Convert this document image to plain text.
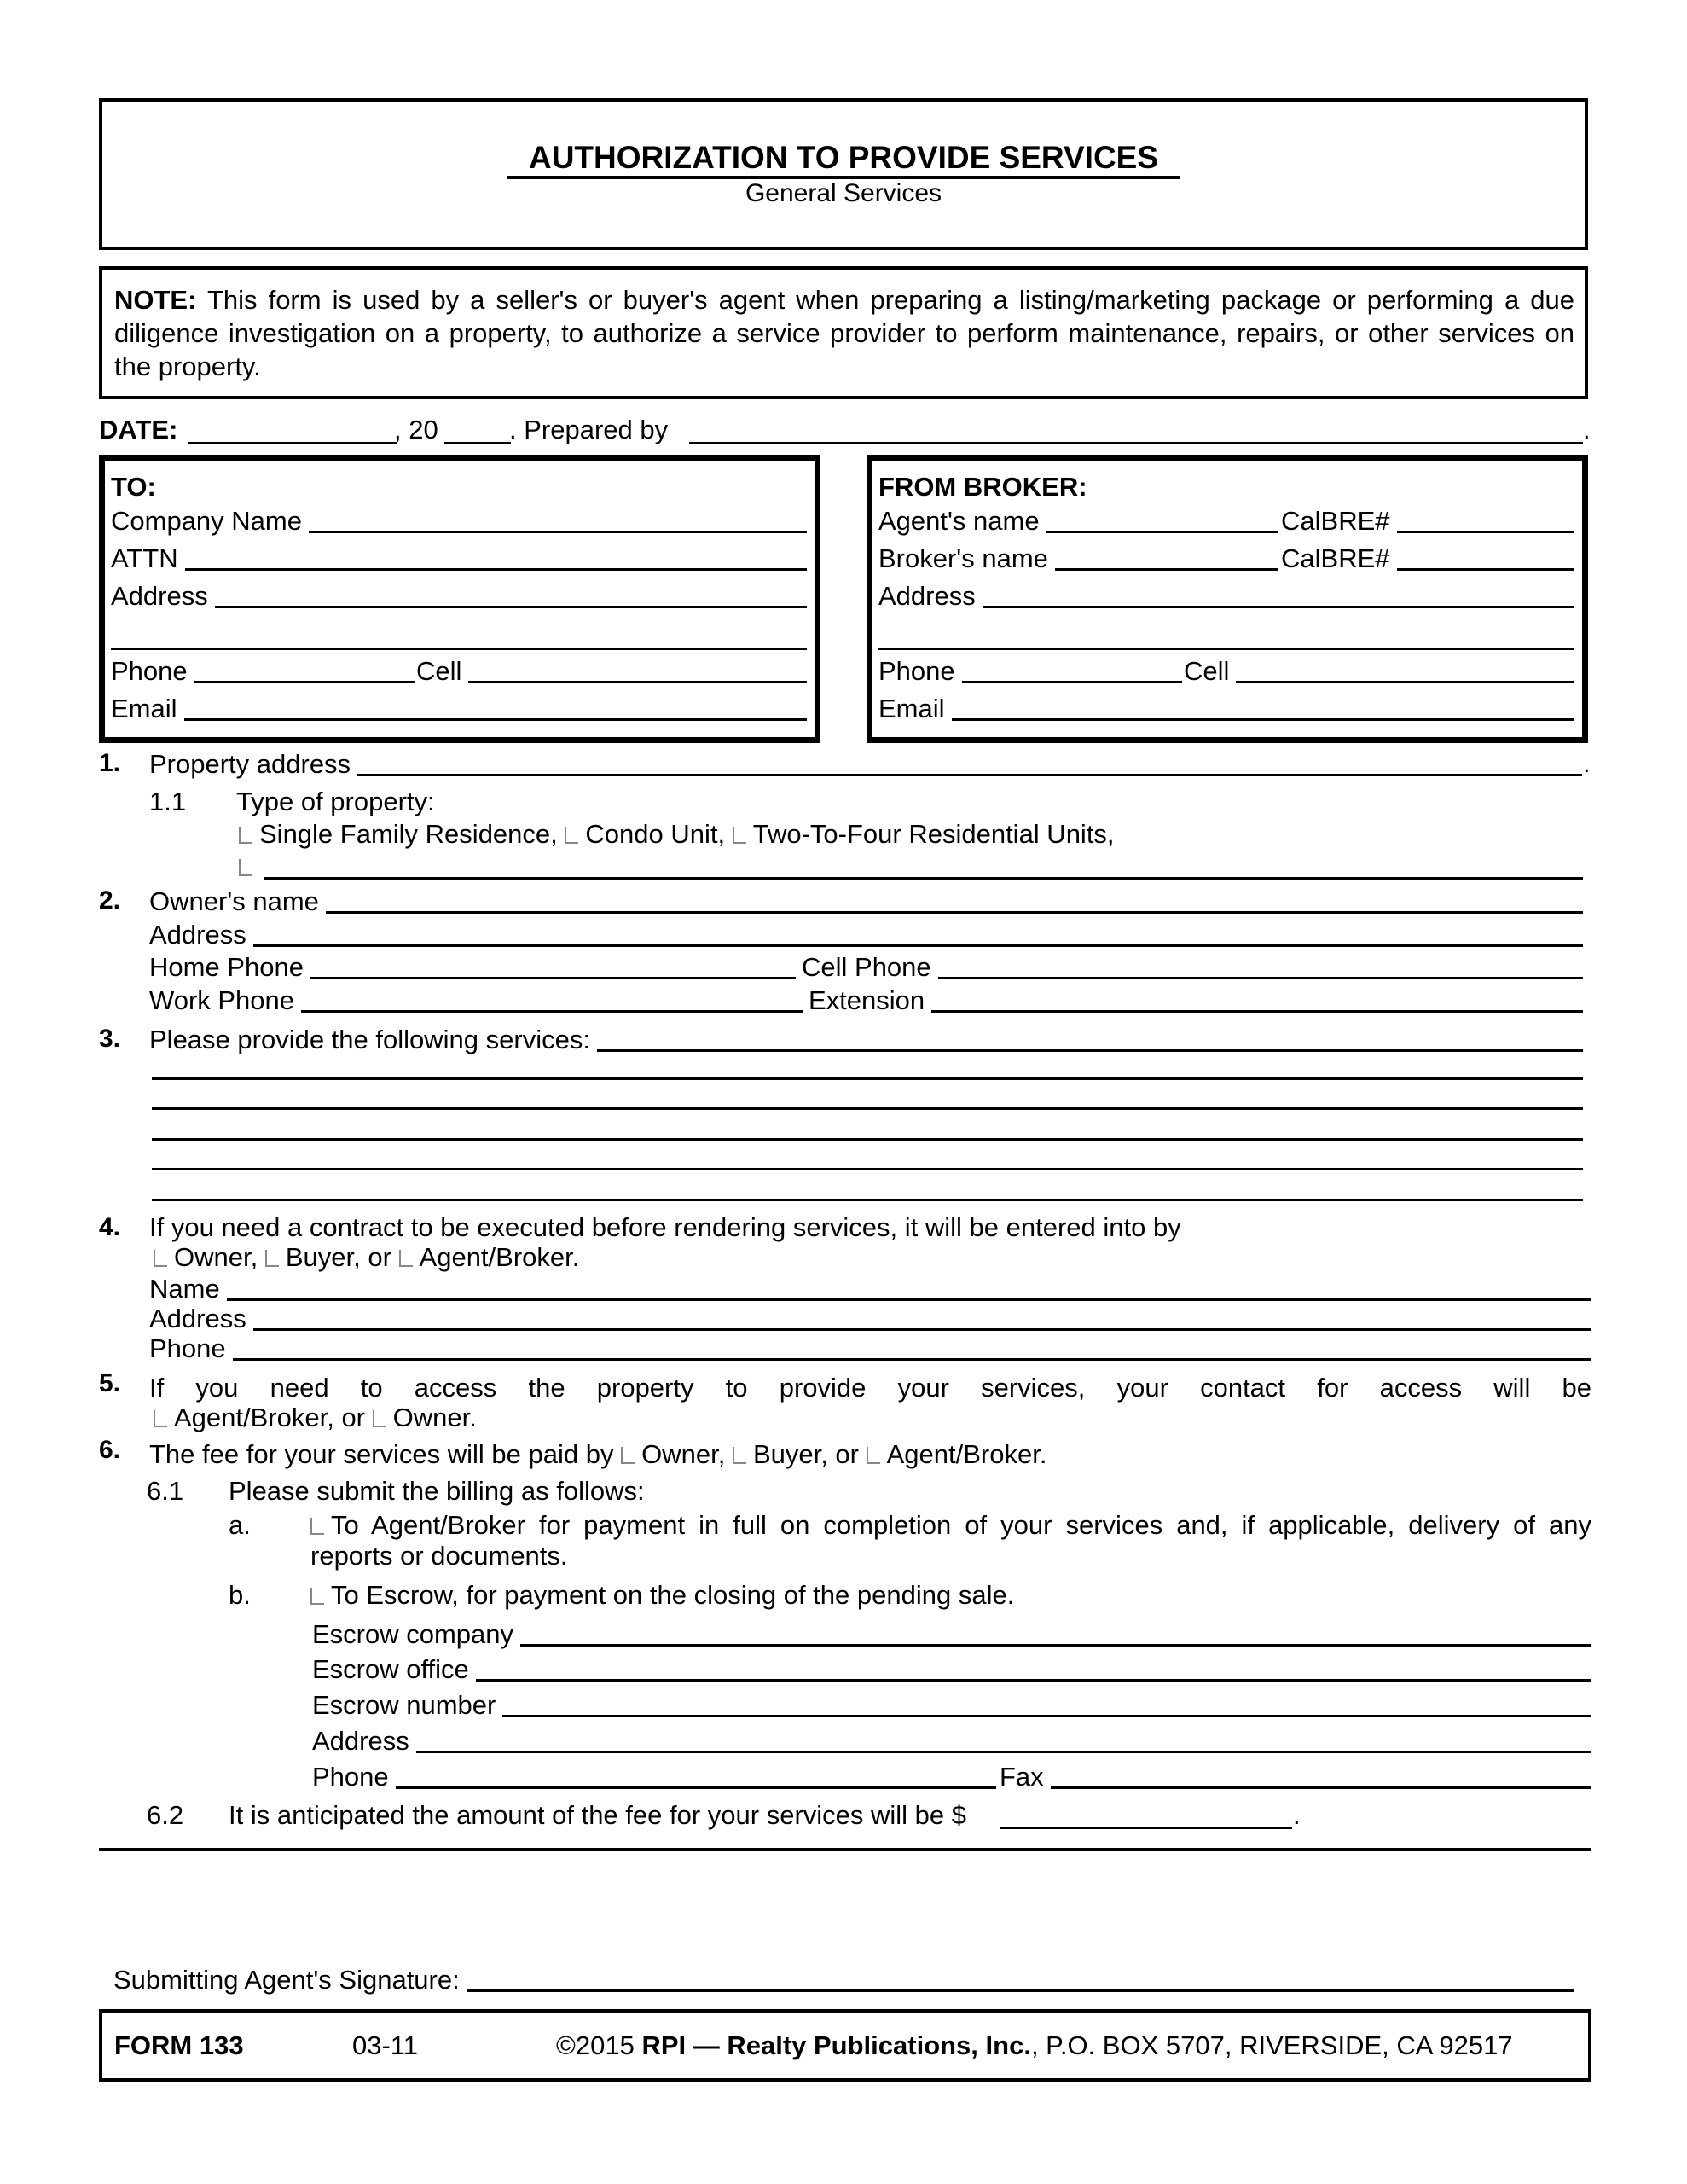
AUTHORIZATION TO PROVIDE SERVICES
General Services
NOTE: This form is used by a seller's or buyer's agent when preparing a listing/marketing package or performing a due diligence investigation on a property, to authorize a service provider to perform maintenance, repairs, or other services on the property.
DATE:	, 20	. Prepared by	.
TO:
Company Name
ATTN
Address
Phone	Cell
Email
FROM BROKER:
Agent's name	CalBRE#
Broker's name	CalBRE#
Address
Phone	Cell
Email
1. Property address	.
1.1 Type of property:
Single Family Residence, Condo Unit, Two-To-Four Residential Units,
2. Owner's name
Address
Home Phone	Cell Phone
Work Phone	Extension
3. Please provide the following services:
4. If you need a contract to be executed before rendering services, it will be entered into by
Owner, Buyer, or Agent/Broker.
Name
Address
Phone
5. If you need to access the property to provide your services, your contact for access will be
Agent/Broker, or Owner.
6. The fee for your services will be paid by Owner, Buyer, or Agent/Broker.
6.1 Please submit the billing as follows:
a.	To Agent/Broker for payment in full on completion of your services and, if applicable, delivery of any
reports or documents.
b.	To Escrow, for payment on the closing of the pending sale.
Escrow company
Escrow office
Escrow number
Address
Phone	Fax
6.2 It is anticipated the amount of the fee for your services will be $	.
Submitting Agent's Signature:
FORM 133	03-11	©2015 RPI — Realty Publications, Inc., P.O. BOX 5707, RIVERSIDE, CA 92517
